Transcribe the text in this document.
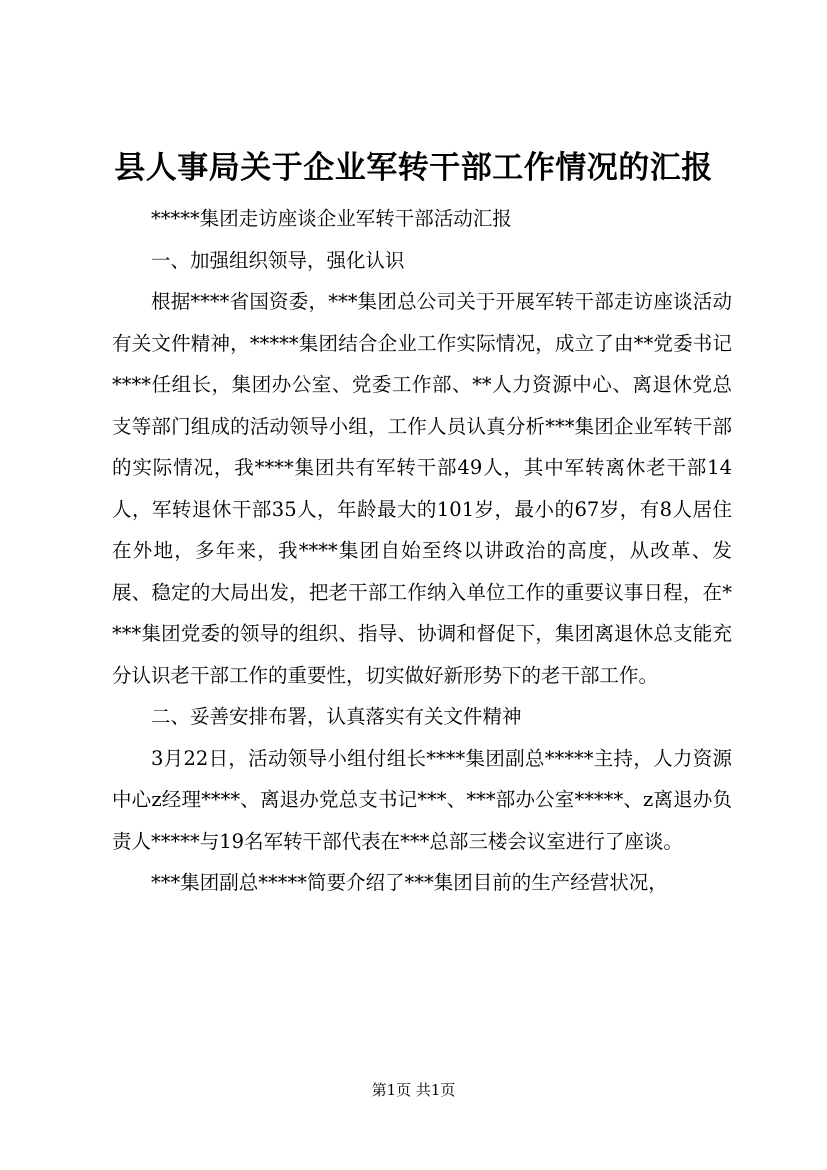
县人事局关于企业军转干部工作情况的汇报

*****集团走访座谈企业军转干部活动汇报

一、加强组织领导，强化认识

根据****省国资委，***集团总公司关于开展军转干部走访座谈活动有关文件精神，*****集团结合企业工作实际情况，成立了由**党委书记****任组长，集团办公室、党委工作部、**人力资源中心、离退休党总支等部门组成的活动领导小组，工作人员认真分析***集团企业军转干部的实际情况，我****集团共有军转干部49人，其中军转离休老干部14人，军转退休干部35人，年龄最大的101岁，最小的67岁，有8人居住在外地，多年来，我****集团自始至终以讲政治的高度，从改革、发展、稳定的大局出发，把老干部工作纳入单位工作的重要议事日程，在****集团党委的领导的组织、指导、协调和督促下，集团离退休总支能充分认识老干部工作的重要性，切实做好新形势下的老干部工作。

二、妥善安排布署，认真落实有关文件精神

3月22日，活动领导小组付组长****集团副总*****主持，人力资源中心z经理****、离退办党总支书记***、***部办公室*****、z离退办负责人*****与19名军转干部代表在***总部三楼会议室进行了座谈。

***集团副总*****简要介绍了***集团目前的生产经营状况，

第1页 共1页
